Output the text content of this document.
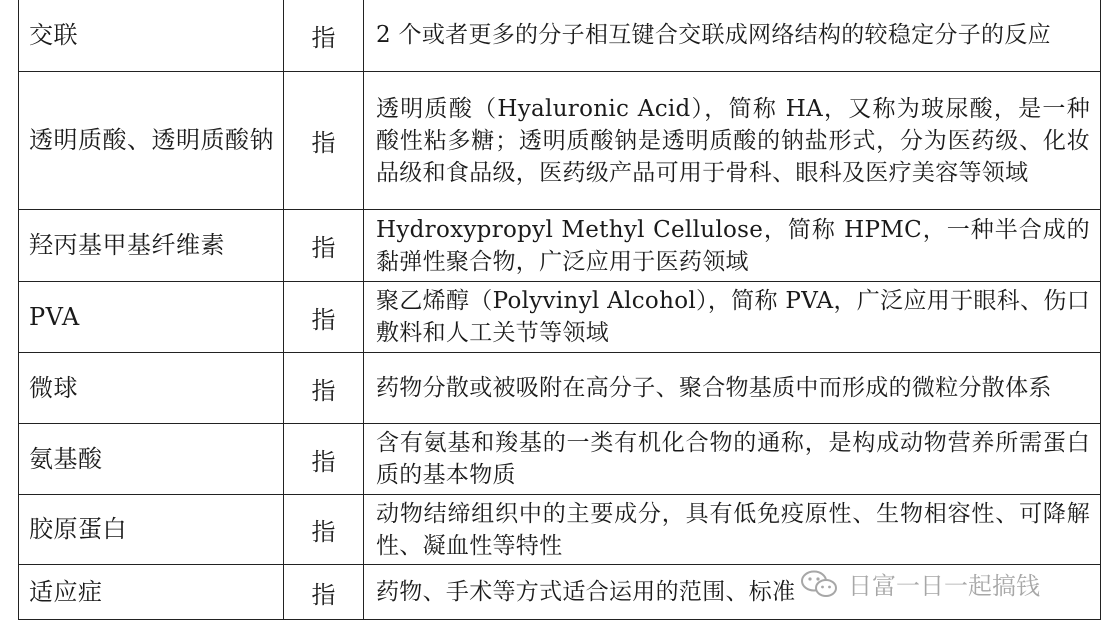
交联	指	2 个或者更多的分子相互键合交联成网络结构的较稳定分子的反应
透明质酸、透明质酸钠	指	透明质酸（Hyaluronic Acid），简称 HA，又称为玻尿酸，是一种酸性粘多糖；透明质酸钠是透明质酸的钠盐形式，分为医药级、化妆品级和食品级，医药级产品可用于骨科、眼科及医疗美容等领域
羟丙基甲基纤维素	指	Hydroxypropyl Methyl Cellulose，简称 HPMC，一种半合成的黏弹性聚合物，广泛应用于医药领域
PVA	指	聚乙烯醇（Polyvinyl Alcohol），简称 PVA，广泛应用于眼科、伤口敷料和人工关节等领域
微球	指	药物分散或被吸附在高分子、聚合物基质中而形成的微粒分散体系
氨基酸	指	含有氨基和羧基的一类有机化合物的通称，是构成动物营养所需蛋白质的基本物质
胶原蛋白	指	动物结缔组织中的主要成分，具有低免疫原性、生物相容性、可降解性、凝血性等特性
适应症	指	药物、手术等方式适合运用的范围、标准 日富一日一起搞钱
